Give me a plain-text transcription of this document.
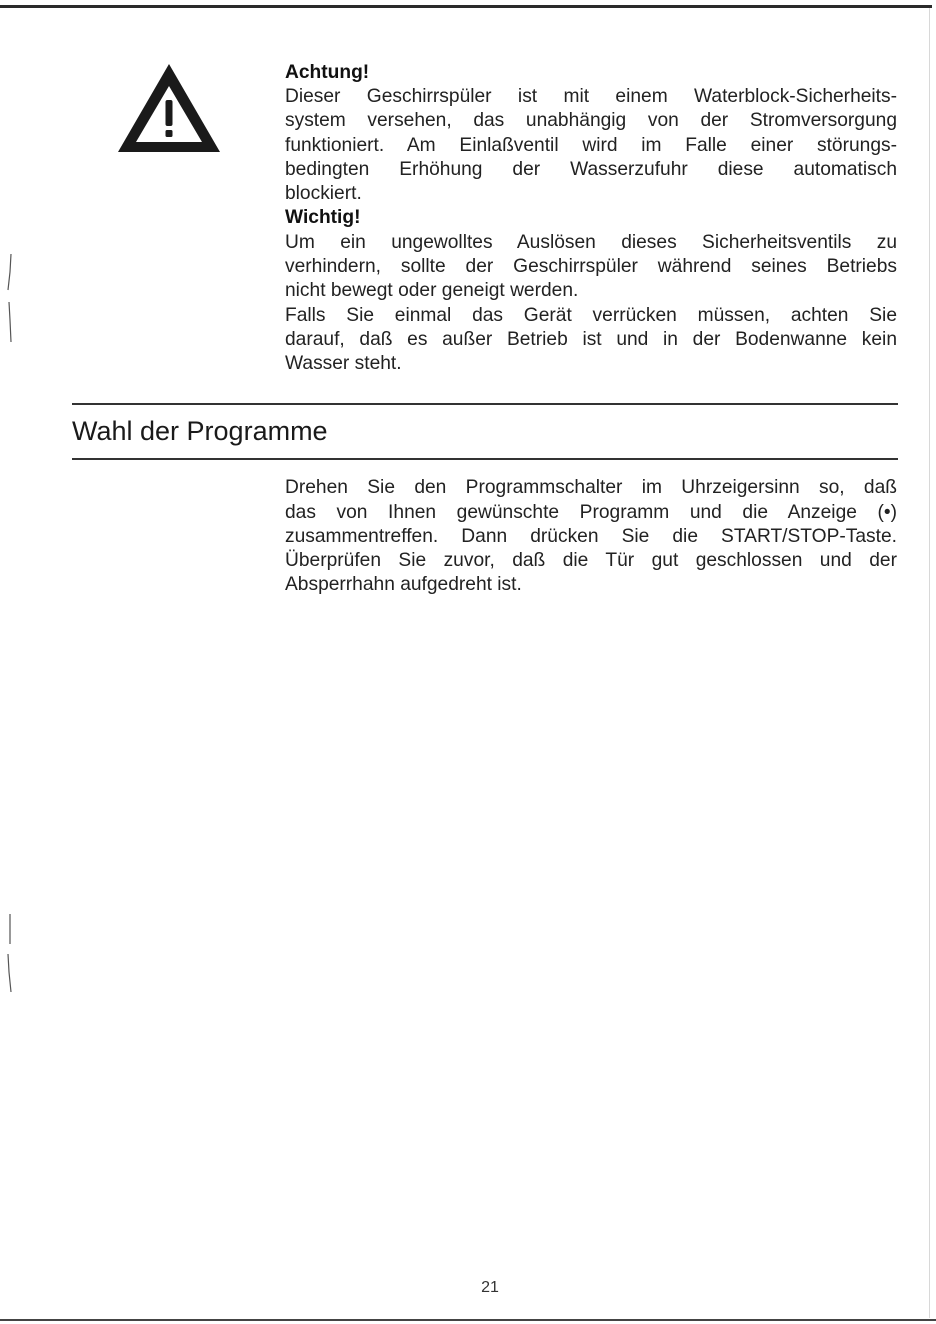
Achtung!

Dieser Geschirrspüler ist mit einem Waterblock-Sicherheits-

system versehen, das unabhängig von der Stromversorgung

funktioniert. Am Einlaßventil wird im Falle einer störungs-

bedingten Erhöhung der Wasserzufuhr diese automatisch

blockiert.

Wichtig!

Um ein ungewolltes Auslösen dieses Sicherheitsventils zu

verhindern, sollte der Geschirrspüler während seines Betriebs

nicht bewegt oder geneigt werden.

Falls Sie einmal das Gerät verrücken müssen, achten Sie

darauf, daß es außer Betrieb ist und in der Bodenwanne kein

Wasser steht.

Wahl der Programme

Drehen Sie den Programmschalter im Uhrzeigersinn so, daß

das von Ihnen gewünschte Programm und die Anzeige (•)

zusammentreffen. Dann drücken Sie die START/STOP-Taste.

Überprüfen Sie zuvor, daß die Tür gut geschlossen und der

Absperrhahn aufgedreht ist.

21
